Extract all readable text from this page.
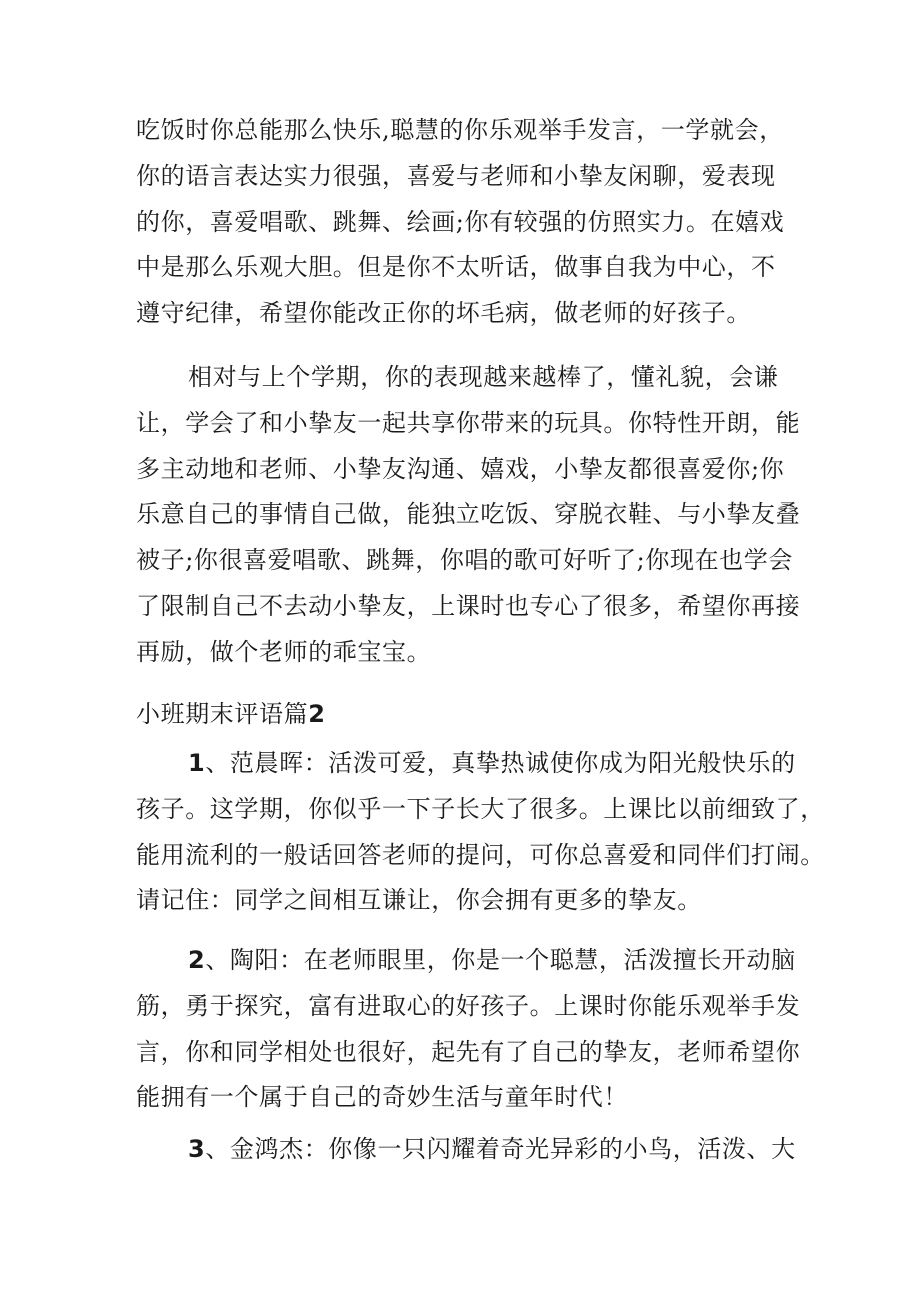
吃饭时你总能那么快乐,聪慧的你乐观举手发言，一学就会，
你的语言表达实力很强，喜爱与老师和小挚友闲聊，爱表现
的你，喜爱唱歌、跳舞、绘画;你有较强的仿照实力。在嬉戏
中是那么乐观大胆。但是你不太听话，做事自我为中心，不
遵守纪律，希望你能改正你的坏毛病，做老师的好孩子。
相对与上个学期，你的表现越来越棒了，懂礼貌，会谦
让，学会了和小挚友一起共享你带来的玩具。你特性开朗，能
多主动地和老师、小挚友沟通、嬉戏，小挚友都很喜爱你;你
乐意自己的事情自己做，能独立吃饭、穿脱衣鞋、与小挚友叠
被子;你很喜爱唱歌、跳舞，你唱的歌可好听了;你现在也学会
了限制自己不去动小挚友，上课时也专心了很多，希望你再接
再励，做个老师的乖宝宝。
小班期末评语篇2
1、范晨晖：活泼可爱，真挚热诚使你成为阳光般快乐的
孩子。这学期，你似乎一下子长大了很多。上课比以前细致了，
能用流利的一般话回答老师的提问，可你总喜爱和同伴们打闹。
请记住：同学之间相互谦让，你会拥有更多的挚友。
2、陶阳：在老师眼里，你是一个聪慧，活泼擅长开动脑
筋，勇于探究，富有进取心的好孩子。上课时你能乐观举手发
言，你和同学相处也很好，起先有了自己的挚友，老师希望你
能拥有一个属于自己的奇妙生活与童年时代！
3、金鸿杰：你像一只闪耀着奇光异彩的小鸟，活泼、大
